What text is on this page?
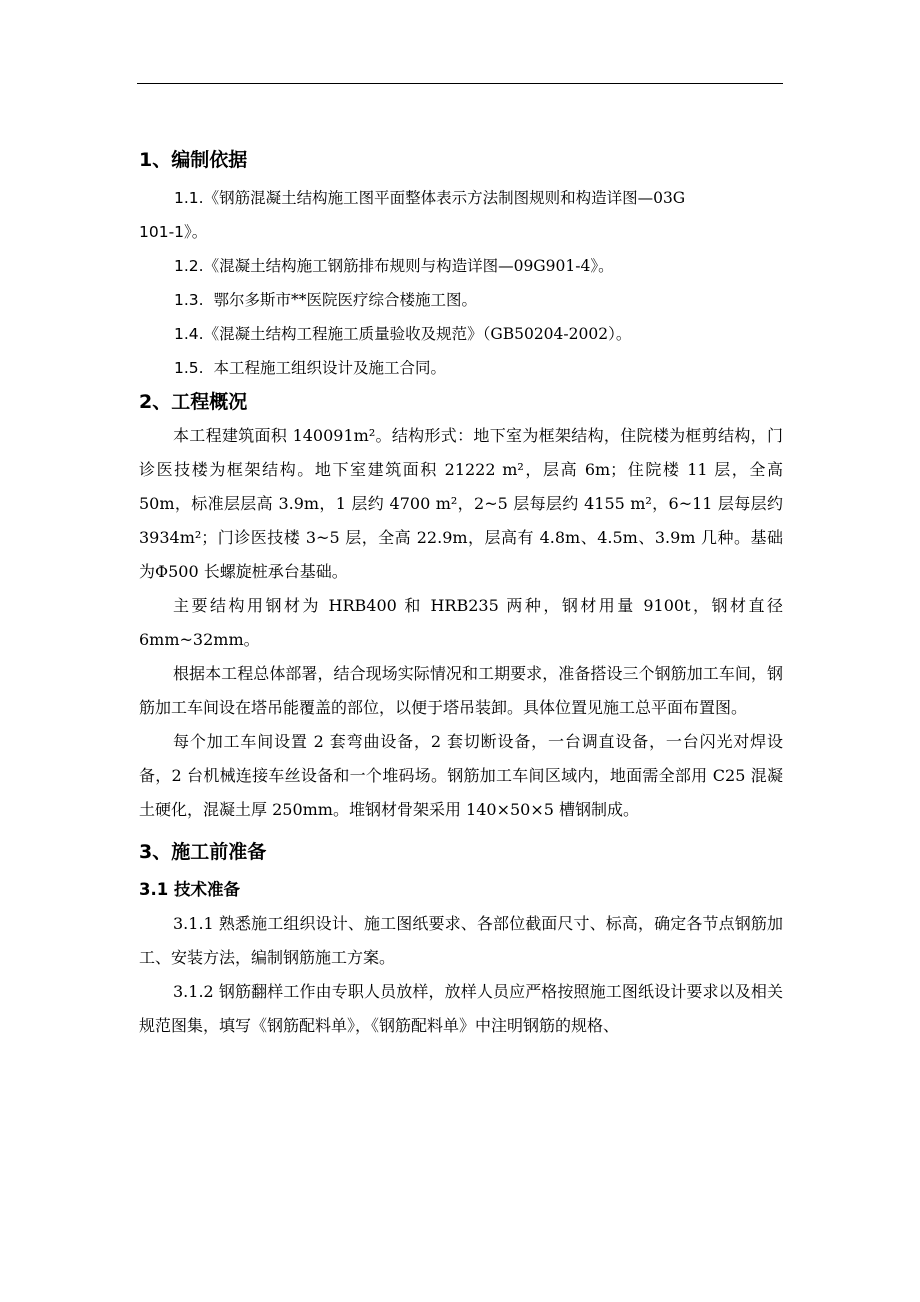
1、编制依据
1.1.《钢筋混凝土结构施工图平面整体表示方法制图规则和构造详图—03G
101-1》。
1.2.《混凝土结构施工钢筋排布规则与构造详图—09G901-4》。
1.3. 鄂尔多斯市**医院医疗综合楼施工图。
1.4.《混凝土结构工程施工质量验收及规范》（GB50204-2002）。
1.5. 本工程施工组织设计及施工合同。
2、工程概况

本工程建筑面积 140091m²。结构形式：地下室为框架结构，住院楼为框剪结构，门诊医技楼为框架结构。地下室建筑面积 21222 m²，层高 6m；住院楼 11 层，全高 50m，标准层层高 3.9m，1 层约 4700 m²，2~5 层每层约 4155 m²，6~11 层每层约 3934m²；门诊医技楼 3~5 层，全高 22.9m，层高有 4.8m、4.5m、3.9m 几种。基础为Φ500 长螺旋桩承台基础。

主要结构用钢材为 HRB400 和 HRB235 两种，钢材用量 9100t，钢材直径 6mm~32mm。

根据本工程总体部署，结合现场实际情况和工期要求，准备搭设三个钢筋加工车间，钢筋加工车间设在塔吊能覆盖的部位，以便于塔吊装卸。具体位置见施工总平面布置图。

每个加工车间设置 2 套弯曲设备，2 套切断设备，一台调直设备，一台闪光对焊设备，2 台机械连接车丝设备和一个堆码场。钢筋加工车间区域内，地面需全部用 C25 混凝土硬化，混凝土厚 250mm。堆钢材骨架采用 140×50×5 槽钢制成。

3、施工前准备
3.1 技术准备

3.1.1 熟悉施工组织设计、施工图纸要求、各部位截面尺寸、标高，确定各节点钢筋加工、安装方法，编制钢筋施工方案。

3.1.2 钢筋翻样工作由专职人员放样，放样人员应严格按照施工图纸设计要求以及相关规范图集，填写《钢筋配料单》，《钢筋配料单》中注明钢筋的规格、
